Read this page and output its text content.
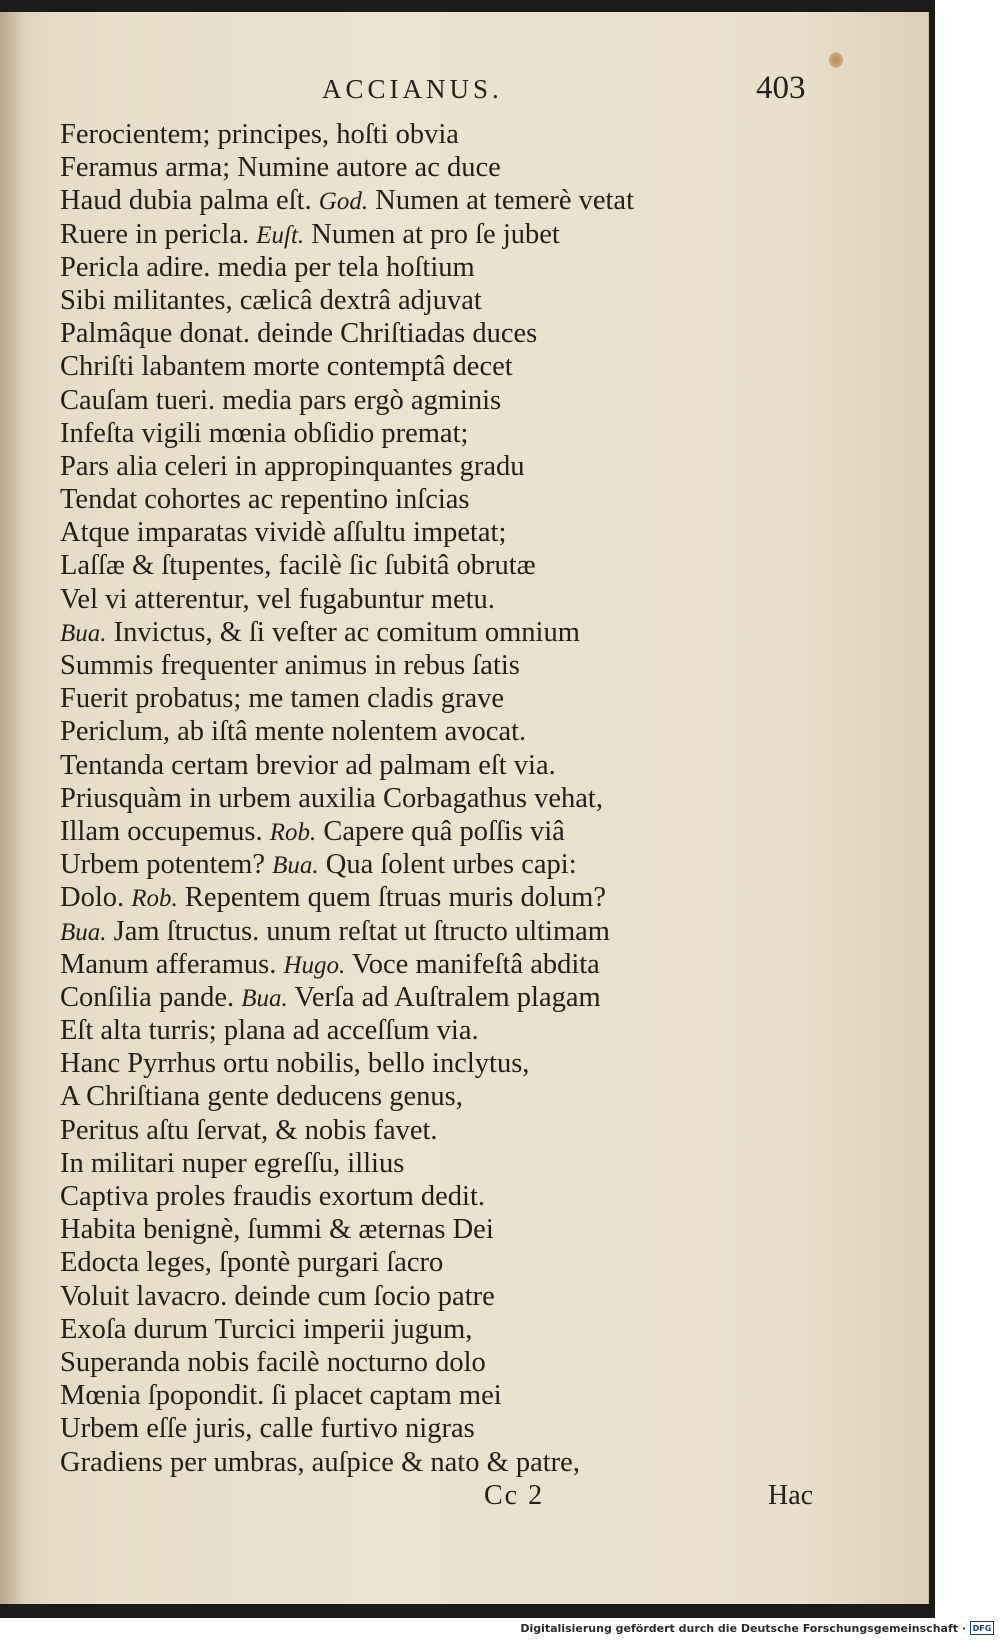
ACCIANUS.	403
Ferocientem; principes, hoſti obvia
Feramus arma; Numine autore ac duce
Haud dubia palma eſt. God. Numen at temerè vetat
Ruere in pericla. Euſt. Numen at pro ſe jubet
Pericla adire. media per tela hoſtium
Sibi militantes, cælicâ dextrâ adjuvat
Palmâque donat. deinde Chriſtiadas duces
Chriſti labantem morte contemptâ decet
Cauſam tueri. media pars ergò agminis
Infeſta vigili mœnia obſidio premat;
Pars alia celeri in appropinquantes gradu
Tendat cohortes ac repentino inſcias
Atque imparatas vividè aſſultu impetat;
Laſſæ & ſtupentes, facilè ſic ſubitâ obrutæ
Vel vi atterentur, vel fugabuntur metu.
Bua. Invictus, & ſi veſter ac comitum omnium
Summis frequenter animus in rebus ſatis
Fuerit probatus; me tamen cladis grave
Periclum, ab iſtâ mente nolentem avocat.
Tentanda certam brevior ad palmam eſt via.
Priusquàm in urbem auxilia Corbagathus vehat,
Illam occupemus. Rob. Capere quâ poſſis viâ
Urbem potentem? Bua. Qua ſolent urbes capi:
Dolo. Rob. Repentem quem ſtruas muris dolum?
Bua. Jam ſtructus. unum reſtat ut ſtructo ultimam
Manum afferamus. Hugo. Voce manifeſtâ abdita
Conſilia pande. Bua. Verſa ad Auſtralem plagam
Eſt alta turris; plana ad acceſſum via.
Hanc Pyrrhus ortu nobilis, bello inclytus,
A Chriſtiana gente deducens genus,
Peritus aſtu ſervat, & nobis favet.
In militari nuper egreſſu, illius
Captiva proles fraudis exortum dedit.
Habita benignè, ſummi & æternas Dei
Edocta leges, ſpontè purgari ſacro
Voluit lavacro. deinde cum ſocio patre
Exoſa durum Turcici imperii jugum,
Superanda nobis facilè nocturno dolo
Mœnia ſpopondit. ſi placet captam mei
Urbem eſſe juris, calle furtivo nigras
Gradiens per umbras, auſpice & nato & patre,
Cc 2	Hac
Digitalisierung gefördert durch die Deutsche Forschungsgemeinschaft · DFG
